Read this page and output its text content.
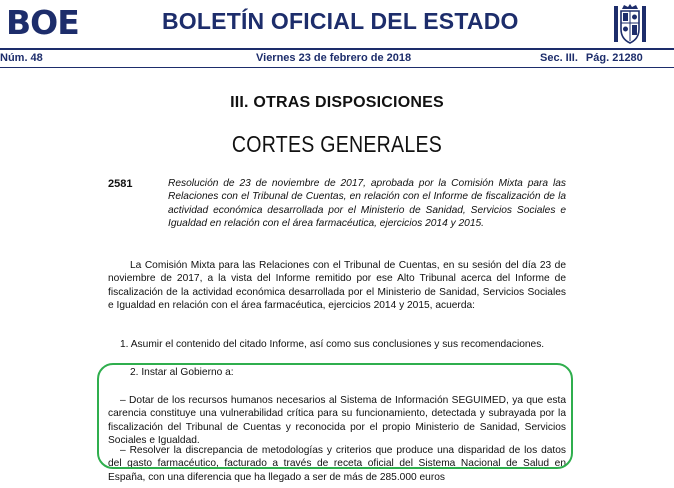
BOE	BOLETÍN OFICIAL DEL ESTADO
Núm. 48	Viernes 23 de febrero de 2018	Sec. III. Pág. 21280
III. OTRAS DISPOSICIONES
CORTES GENERALES
2581	Resolución de 23 de noviembre de 2017, aprobada por la Comisión Mixta para las Relaciones con el Tribunal de Cuentas, en relación con el Informe de fiscalización de la actividad económica desarrollada por el Ministerio de Sanidad, Servicios Sociales e Igualdad en relación con el área farmacéutica, ejercicios 2014 y 2015.
La Comisión Mixta para las Relaciones con el Tribunal de Cuentas, en su sesión del día 23 de noviembre de 2017, a la vista del Informe remitido por ese Alto Tribunal acerca del Informe de fiscalización de la actividad económica desarrollada por el Ministerio de Sanidad, Servicios Sociales e Igualdad en relación con el área farmacéutica, ejercicios 2014 y 2015, acuerda:
1. Asumir el contenido del citado Informe, así como sus conclusiones y sus recomendaciones.
2. Instar al Gobierno a:
– Dotar de los recursos humanos necesarios al Sistema de Información SEGUIMED, ya que esta carencia constituye una vulnerabilidad crítica para su funcionamiento, detectada y subrayada por la fiscalización del Tribunal de Cuentas y reconocida por el propio Ministerio de Sanidad, Servicios Sociales e Igualdad.
– Resolver la discrepancia de metodologías y criterios que produce una disparidad de los datos del gasto farmacéutico, facturado a través de receta oficial del Sistema Nacional de Salud en España, con una diferencia que ha llegado a ser de más de 285.000 euros
